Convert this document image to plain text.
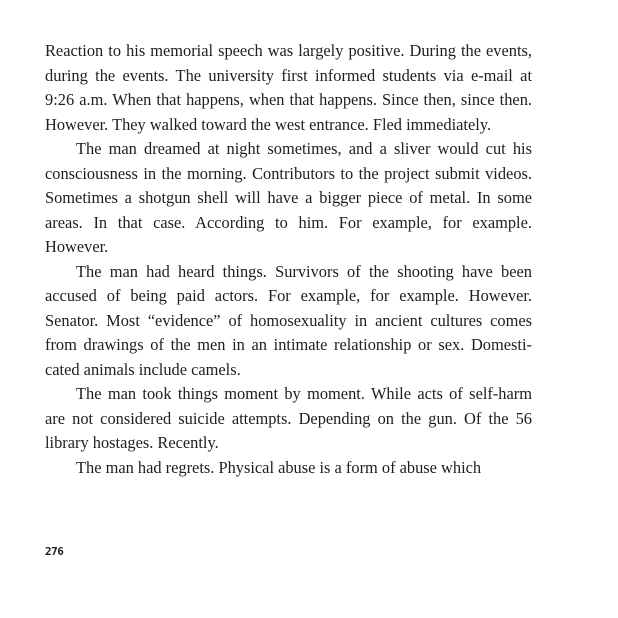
Reaction to his memorial speech was largely positive. During the events, during the events. The university first informed students via e-mail at 9:26 a.m. When that happens, when that happens. Since then, since then. However. They walked toward the west entrance. Fled immediately.

The man dreamed at night sometimes, and a sliver would cut his consciousness in the morning. Contributors to the project submit videos. Sometimes a shotgun shell will have a bigger piece of metal. In some areas. In that case. According to him. For example, for example. However.

The man had heard things. Survivors of the shooting have been accused of being paid actors. For example, for example. However. Senator. Most “evidence” of homosexuality in ancient cultures comes from drawings of the men in an intimate relationship or sex. Domesticated animals include camels.

The man took things moment by moment. While acts of self-harm are not considered suicide attempts. Depending on the gun. Of the 56 library hostages. Recently.

The man had regrets. Physical abuse is a form of abuse which

276
